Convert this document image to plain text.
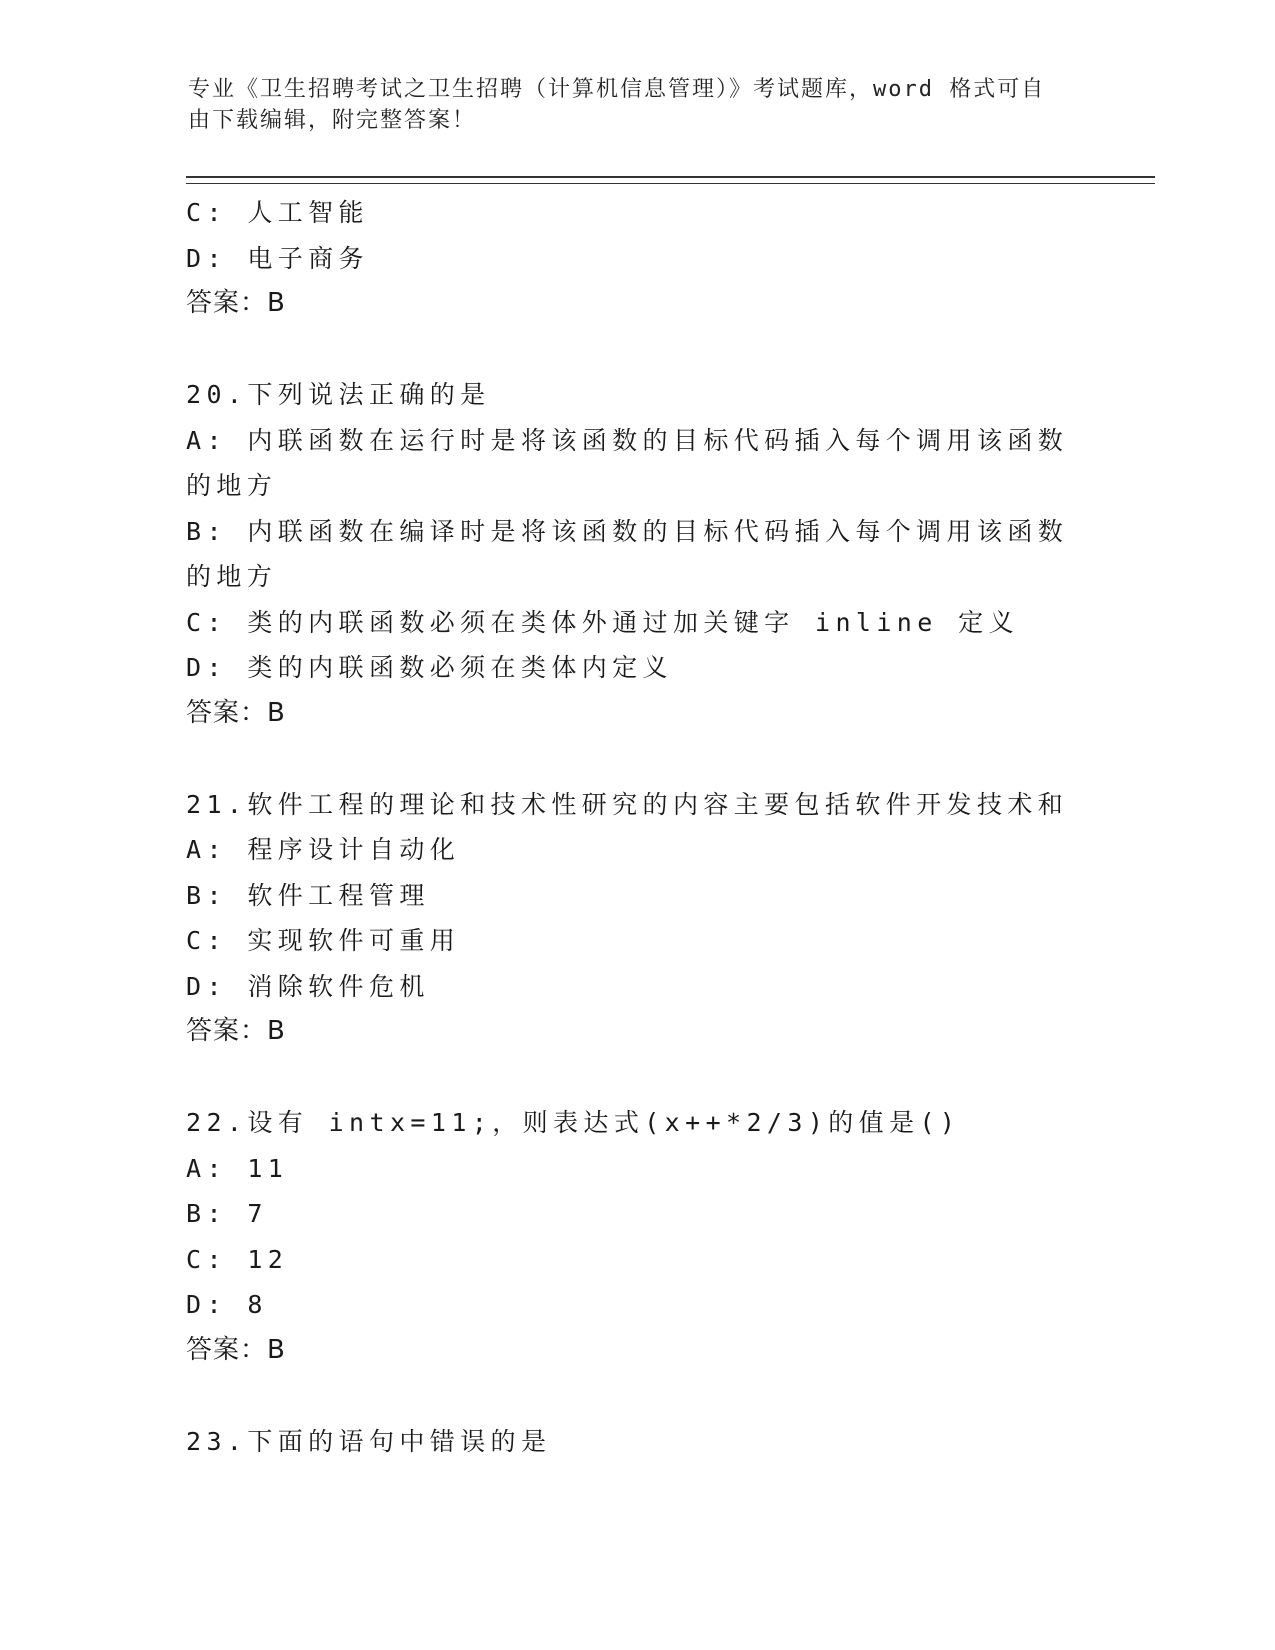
专业《卫生招聘考试之卫生招聘（计算机信息管理）》考试题库，word 格式可自
由下载编辑，附完整答案！
C: 人工智能
D: 电子商务
答案：B
20.下列说法正确的是
A: 内联函数在运行时是将该函数的目标代码插入每个调用该函数的地方
B: 内联函数在编译时是将该函数的目标代码插入每个调用该函数的地方
C: 类的内联函数必须在类体外通过加关键字 inline 定义
D: 类的内联函数必须在类体内定义
答案：B
21.软件工程的理论和技术性研究的内容主要包括软件开发技术和
A: 程序设计自动化
B: 软件工程管理
C: 实现软件可重用
D: 消除软件危机
答案：B
22.设有 intx=11;，则表达式(x++*2/3)的值是()
A: 11
B: 7
C: 12
D: 8
答案：B
23.下面的语句中错误的是
